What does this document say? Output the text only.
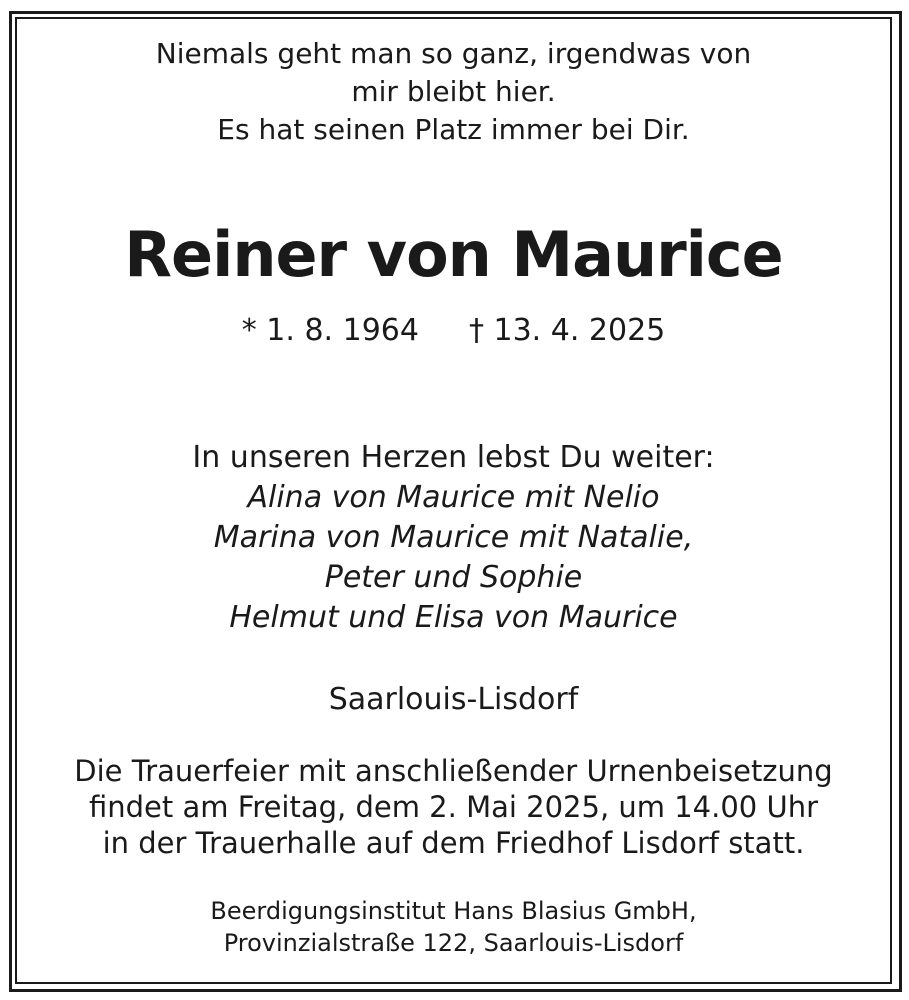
Niemals geht man so ganz, irgendwas von
mir bleibt hier.
Es hat seinen Platz immer bei Dir.
Reiner von Maurice
* 1. 8. 1964 † 13. 4. 2025
In unseren Herzen lebst Du weiter:
Alina von Maurice mit Nelio
Marina von Maurice mit Natalie,
Peter und Sophie
Helmut und Elisa von Maurice
Saarlouis-Lisdorf
Die Trauerfeier mit anschließender Urnenbeisetzung
findet am Freitag, dem 2. Mai 2025, um 14.00 Uhr
in der Trauerhalle auf dem Friedhof Lisdorf statt.
Beerdigungsinstitut Hans Blasius GmbH,
Provinzialstraße 122, Saarlouis-Lisdorf
